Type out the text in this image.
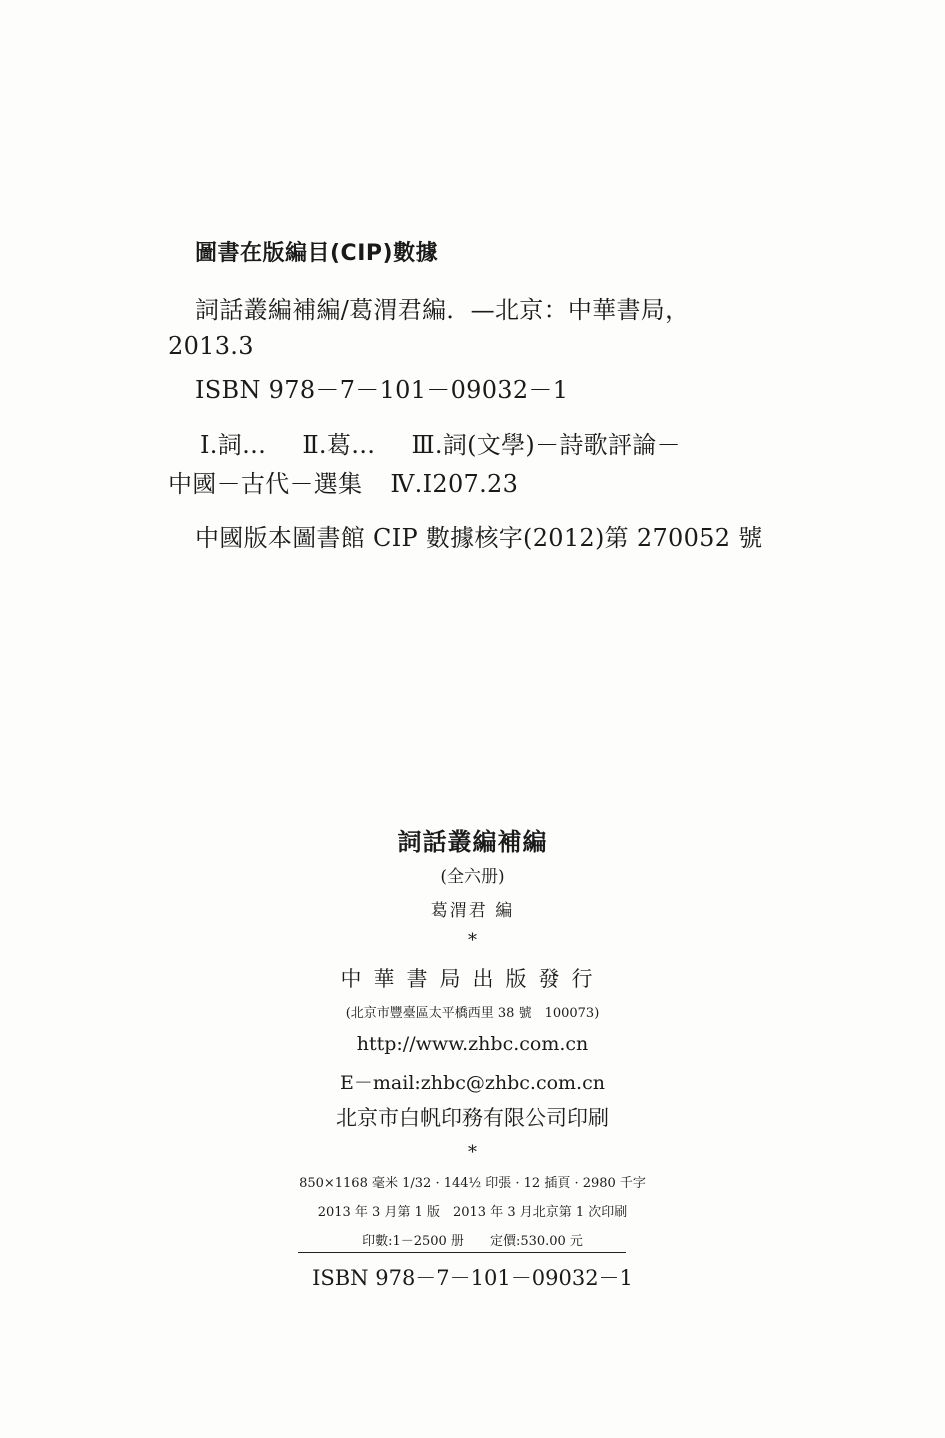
圖書在版編目(CIP)數據
詞話叢編補編/葛渭君編．—北京：中華書局，
2013.3
ISBN 978－7－101－09032－1
Ⅰ.詞… Ⅱ.葛… Ⅲ.詞(文學)－詩歌評論－
中國－古代－選集 Ⅳ.I207.23
中國版本圖書館 CIP 數據核字(2012)第 270052 號
詞話叢編補編
(全六册)
葛渭君 編
*
中華書局出版發行
(北京市豐臺區太平橋西里 38 號　100073)
http://www.zhbc.com.cn
E－mail:zhbc@zhbc.com.cn
北京市白帆印務有限公司印刷
*
850×1168 毫米 1/32 · 144½ 印張 · 12 插頁 · 2980 千字
2013 年 3 月第 1 版　2013 年 3 月北京第 1 次印刷
印數:1－2500 册 定價:530.00 元
ISBN 978－7－101－09032－1
